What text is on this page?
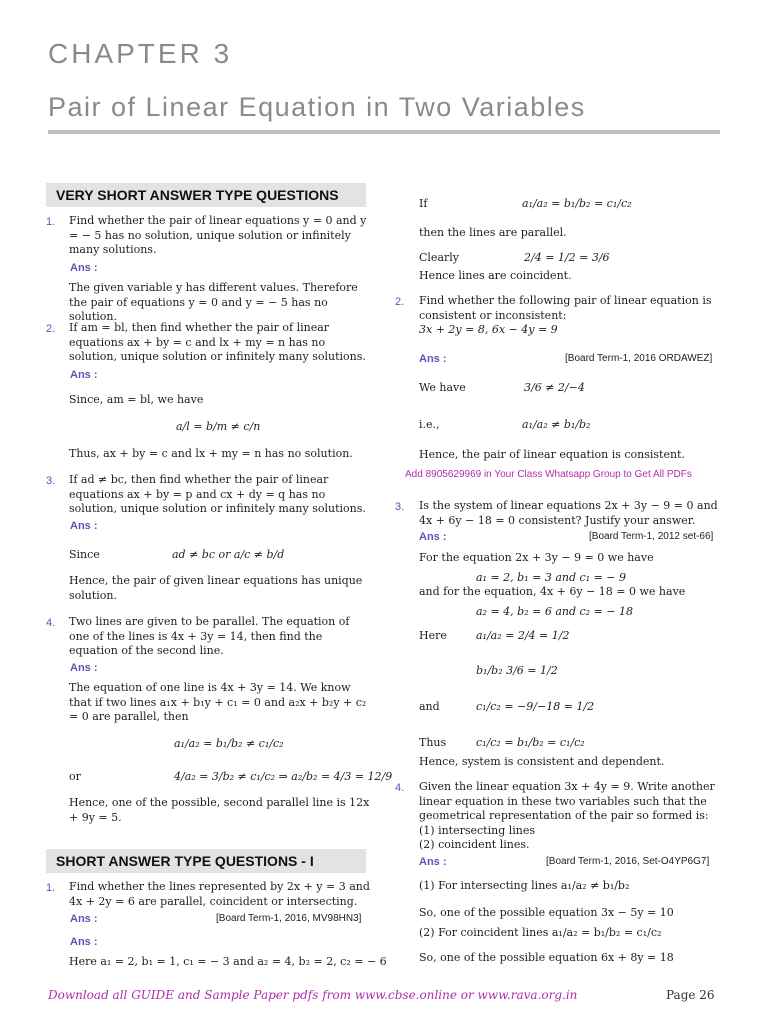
CHAPTER 3
Pair of Linear Equation in Two Variables
VERY SHORT ANSWER TYPE QUESTIONS
1. Find whether the pair of linear equations y = 0 and y = − 5 has no solution, unique solution or infinitely many solutions.
Ans :
The given variable y has different values. Therefore the pair of equations y = 0 and y = − 5 has no solution.
2. If am = bl, then find whether the pair of linear equations ax + by = c and lx + my = n has no solution, unique solution or infinitely many solutions.
Ans :
Since, am = bl, we have
a/l = b/m ≠ c/n
Thus, ax + by = c and lx + my = n has no solution.
3. If ad ≠ bc, then find whether the pair of linear equations ax + by = p and cx + dy = q has no solution, unique solution or infinitely many solutions.
Ans :
Since	ad ≠ bc or a/c ≠ b/d
Hence, the pair of given linear equations has unique solution.
4. Two lines are given to be parallel. The equation of one of the lines is 4x + 3y = 14, then find the equation of the second line.
Ans :
The equation of one line is 4x + 3y = 14. We know that if two lines a₁x + b₁y + c₁ = 0 and a₂x + b₂y + c₂ = 0 are parallel, then
a₁/a₂ = b₁/b₂ ≠ c₁/c₂
or	4/a₂ = 3/b₂ ≠ c₁/c₂ ⇒ a₂/b₂ = 4/3 = 12/9
Hence, one of the possible, second parallel line is 12x + 9y = 5.
SHORT ANSWER TYPE QUESTIONS - I
1. Find whether the lines represented by 2x + y = 3 and 4x + 2y = 6 are parallel, coincident or intersecting.
Ans :	[Board Term-1, 2016, MV98HN3]
Ans :
Here a₁ = 2, b₁ = 1, c₁ = − 3 and a₂ = 4, b₂ = 2, c₂ = − 6
If	a₁/a₂ = b₁/b₂ = c₁/c₂
then the lines are parallel.
Clearly	2/4 = 1/2 = 3/6
Hence lines are coincident.
2. Find whether the following pair of linear equation is consistent or inconsistent:
3x + 2y = 8, 6x − 4y = 9
Ans :	[Board Term-1, 2016 ORDAWEZ]
We have	3/6 ≠ 2/−4
i.e.,	a₁/a₂ ≠ b₁/b₂
Hence, the pair of linear equation is consistent.
Add 8905629969 in Your Class Whatsapp Group to Get All PDFs
3. Is the system of linear equations 2x + 3y − 9 = 0 and 4x + 6y − 18 = 0 consistent? Justify your answer.
Ans :	[Board Term-1, 2012 set-66]
For the equation 2x + 3y − 9 = 0 we have
a₁ = 2, b₁ = 3 and c₁ = − 9
and for the equation, 4x + 6y − 18 = 0 we have
a₂ = 4, b₂ = 6 and c₂ = − 18
Here	a₁/a₂ = 2/4 = 1/2
b₁/b₂ 3/6 = 1/2
and	c₁/c₂ = −9/−18 = 1/2
Thus	c₁/c₂ = b₁/b₂ = c₁/c₂
Hence, system is consistent and dependent.
4. Given the linear equation 3x + 4y = 9. Write another linear equation in these two variables such that the geometrical representation of the pair so formed is:
(1) intersecting lines
(2) coincident lines.
Ans :	[Board Term-1, 2016, Set-O4YP6G7]
(1) For intersecting lines a₁/a₂ ≠ b₁/b₂
So, one of the possible equation 3x − 5y = 10
(2) For coincident lines a₁/a₂ = b₁/b₂ = c₁/c₂
So, one of the possible equation 6x + 8y = 18
Download all GUIDE and Sample Paper pdfs from www.cbse.online or www.rava.org.in	Page 26
